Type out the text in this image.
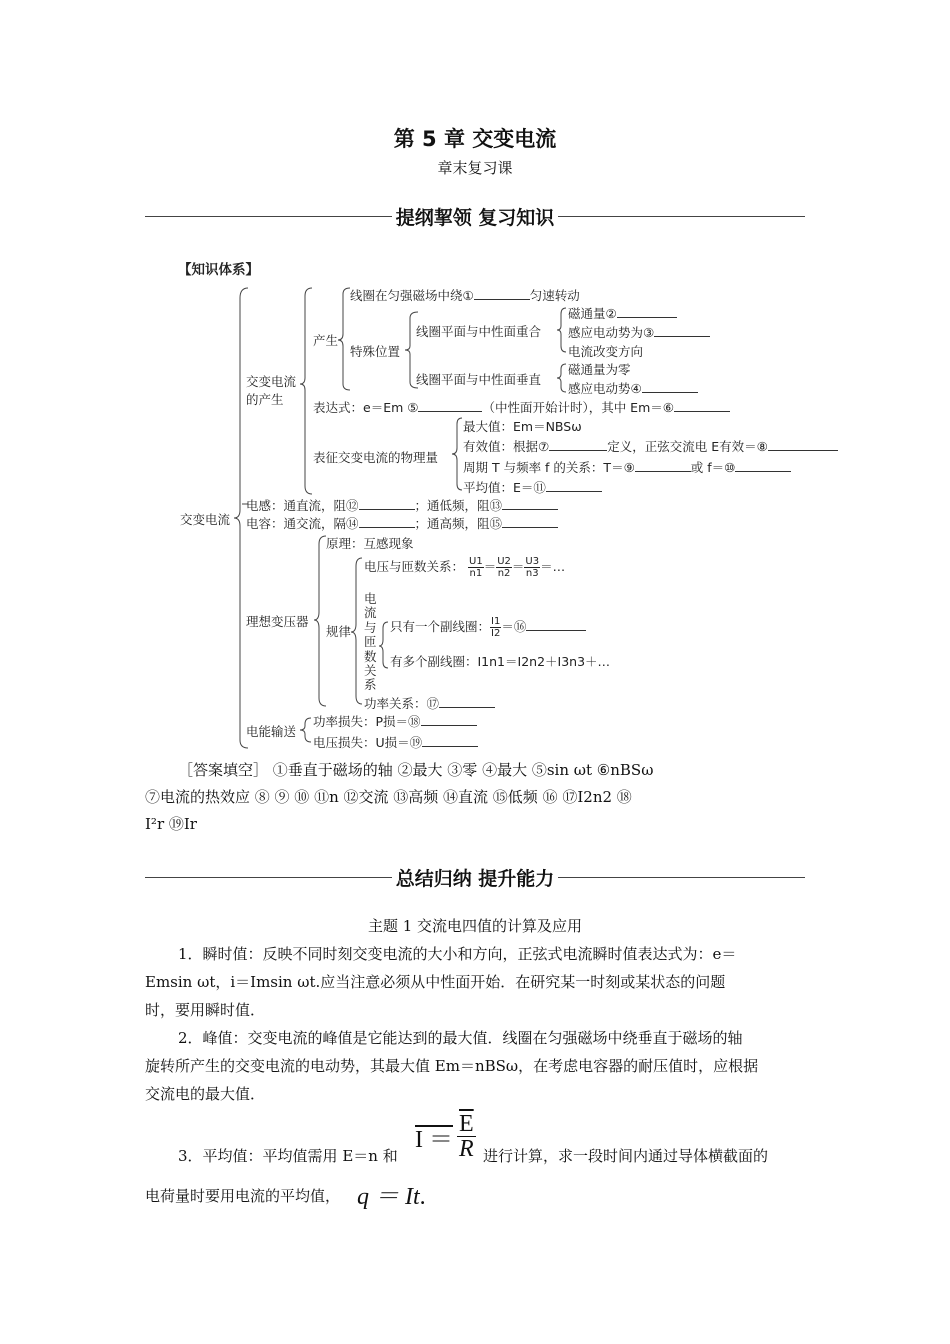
第 5 章 交变电流
章末复习课
提纲挈领 复习知识
【知识体系】
交变电流
交变电流
的产生
产生
线圈在匀强磁场中绕①	匀速转动
特殊位置
线圈平面与中性面重合
线圈平面与中性面垂直
磁通量②
感应电动势为③
电流改变方向
磁通量为零
感应电动势④
表达式：e＝Em ⑤	（中性面开始计时），其中 Em＝⑥
表征交变电流的物理量
最大值：Em＝NBSω
有效值：根据⑦	定义，正弦交流电 E有效＝⑧
周期 T 与频率 f 的关系：T＝⑨	或 f＝⑩
平均值：E＝⑪
电感：通直流，阻⑫	；通低频，阻⑬
电容：通交流，隔⑭	；通高频，阻⑮
理想变压器
原理：互感现象
规律
电压与匝数关系： $\frac{U1}{n1} = \frac{U2}{n2} = \frac{U3}{n3}$ ＝…
电流与匝数关系
只有一个副线圈： $\frac{I1}{I2}$ ＝⑯
有多个副线圈：I1n1＝I2n2＋I3n3＋…
功率关系：⑰
电能输送
功率损失：P损＝⑱
电压损失：U损＝⑲
［答案填空］ ①垂直于磁场的轴 ②最大 ③零 ④最大 ⑤sin ωt ⑥nBSω
⑦电流的热效应 ⑧ ⑨ ⑩ ⑪n ⑫交流 ⑬高频 ⑭直流 ⑮低频 ⑯ ⑰I2n2 ⑱
I²r ⑲Ir
总结归纳 提升能力
主题 1 交流电四值的计算及应用
1．瞬时值：反映不同时刻交变电流的大小和方向，正弦式电流瞬时值表达式为：e＝
Emsin ωt，i＝Imsin ωt.应当注意必须从中性面开始．在研究某一时刻或某状态的问题
时，要用瞬时值．
2．峰值：交变电流的峰值是它能达到的最大值．线圈在匀强磁场中绕垂直于磁场的轴
旋转所产生的交变电流的电动势，其最大值 Em＝nBSω，在考虑电容器的耐压值时，应根据
交流电的最大值．
3．平均值：平均值需用 E＝n 和
I ＝
$\overline{E}$
R 进行计算，求一段时间内通过导体横截面的
电荷量时要用电流的平均值， q ＝ It.
